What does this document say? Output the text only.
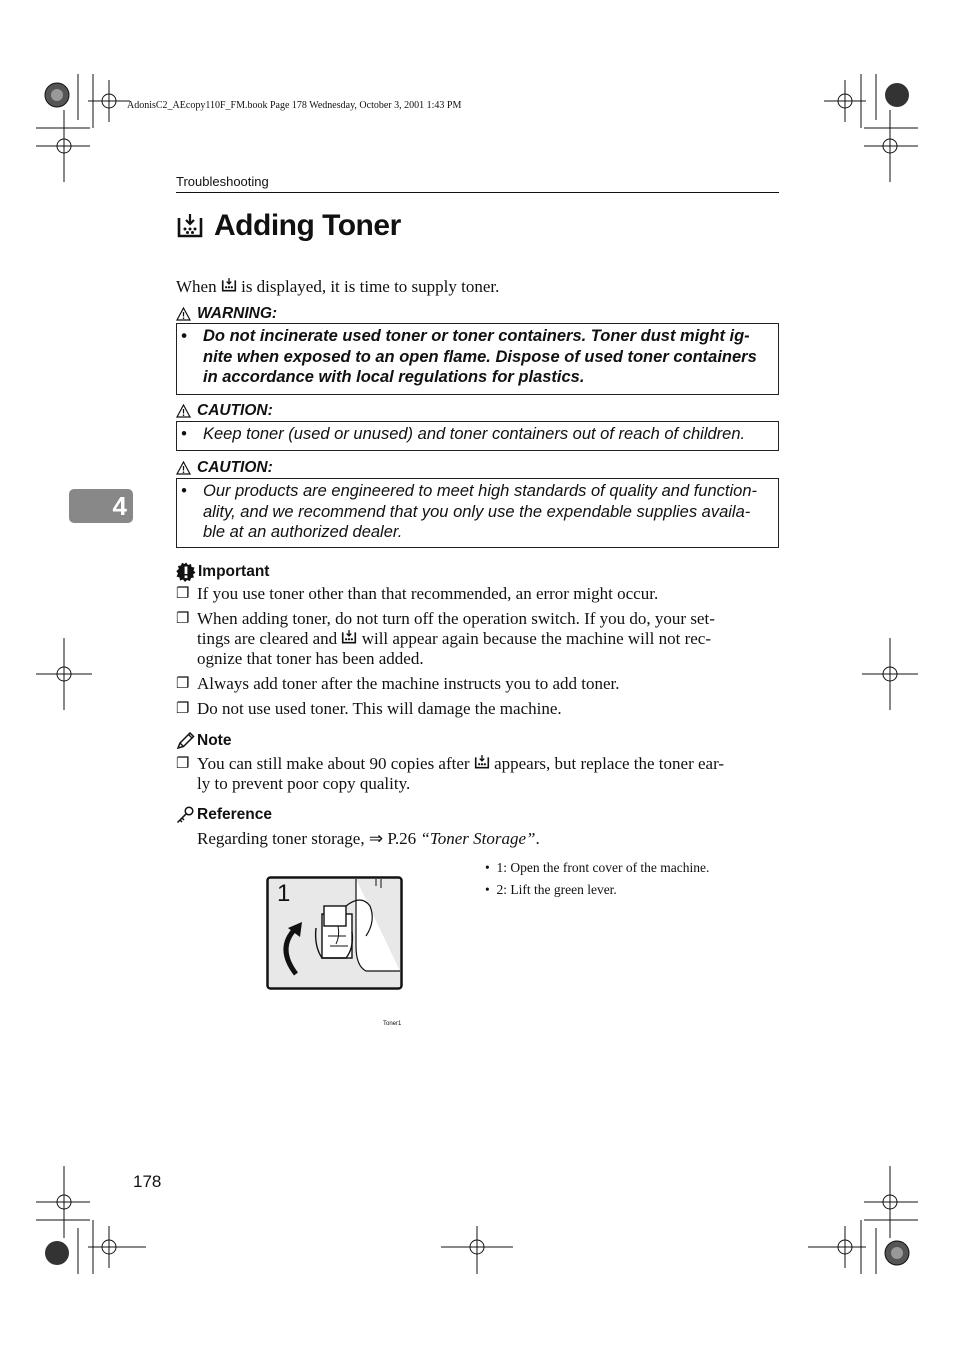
AdonisC2_AEcopy110F_FM.book Page 178 Wednesday, October 3, 2001 1:43 PM
Troubleshooting
Adding Toner
When is displayed, it is time to supply toner.
WARNING:
• Do not incinerate used toner or toner containers. Toner dust might ig-
nite when exposed to an open flame. Dispose of used toner containers
in accordance with local regulations for plastics.
CAUTION:
• Keep toner (used or unused) and toner containers out of reach of children.
CAUTION:
• Our products are engineered to meet high standards of quality and function-
ality, and we recommend that you only use the expendable supplies availa-
ble at an authorized dealer.
4
Important
❐ If you use toner other than that recommended, an error might occur.
❐ When adding toner, do not turn off the operation switch. If you do, your set-
tings are cleared and will appear again because the machine will not rec-
ognize that toner has been added.
❐ Always add toner after the machine instructs you to add toner.
❐ Do not use used toner. This will damage the machine.
Note
❐ You can still make about 90 copies after appears, but replace the toner ear-
ly to prevent poor copy quality.
Reference
Regarding toner storage, ⇒ P.26 “Toner Storage”.
• 1: Open the front cover of the machine.
• 2: Lift the green lever.
1
Toner1
178
